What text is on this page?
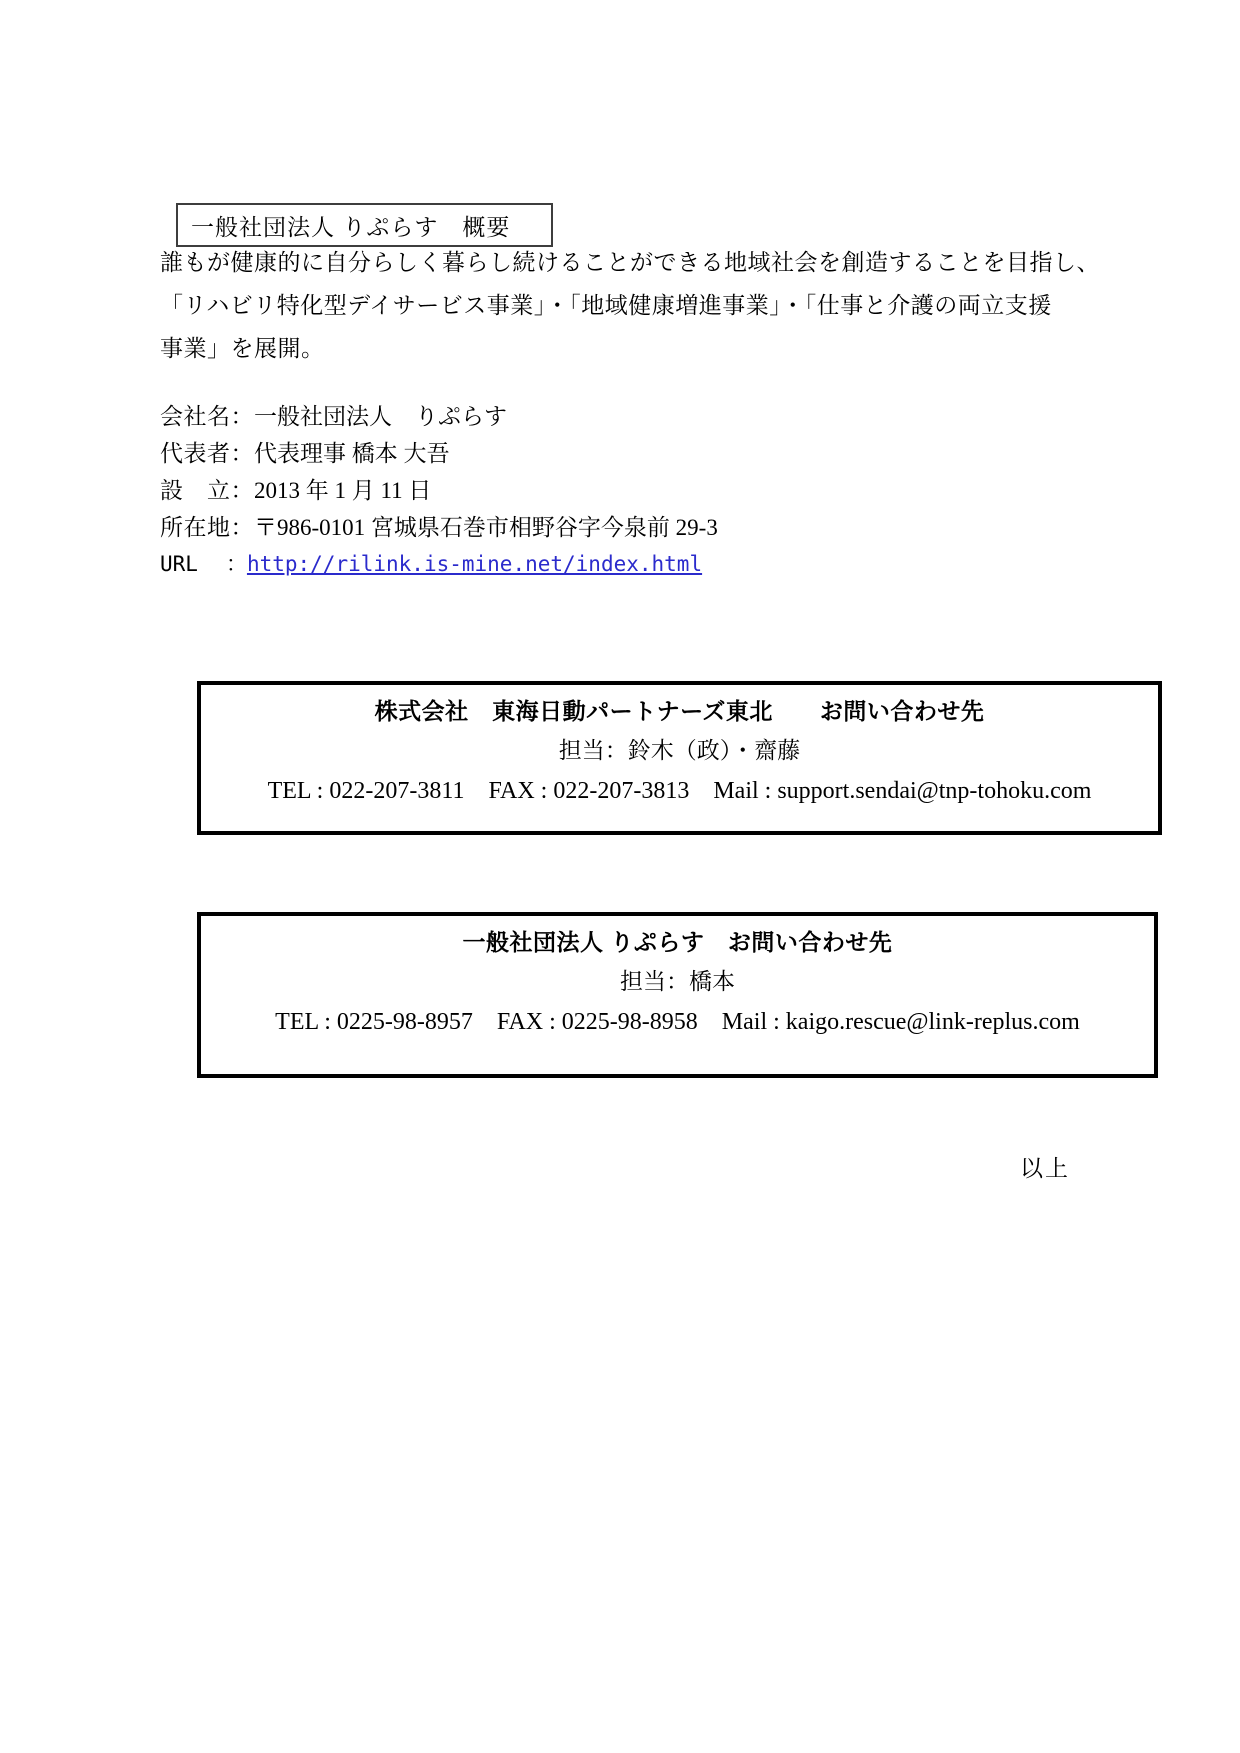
一般社団法人 りぷらす　概要
誰もが健康的に自分らしく暮らし続けることができる地域社会を創造することを目指し、
「リハビリ特化型デイサービス事業」・「地域健康増進事業」・「仕事と介護の両立支援
事業」を展開。
会社名：一般社団法人　りぷらす
代表者：代表理事 橋本 大吾
設　立：2013 年 1 月 11 日
所在地：〒986-0101 宮城県石巻市相野谷字今泉前 29-3
URL ：http://rilink.is-mine.net/index.html
株式会社　東海日動パートナーズ東北　　お問い合わせ先
担当：鈴木（政）・齋藤
TEL : 022-207-3811　FAX : 022-207-3813　Mail : support.sendai@tnp-tohoku.com
一般社団法人 りぷらす　お問い合わせ先
担当：橋本
TEL : 0225-98-8957　FAX : 0225-98-8958　Mail : kaigo.rescue@link-replus.com
以上
